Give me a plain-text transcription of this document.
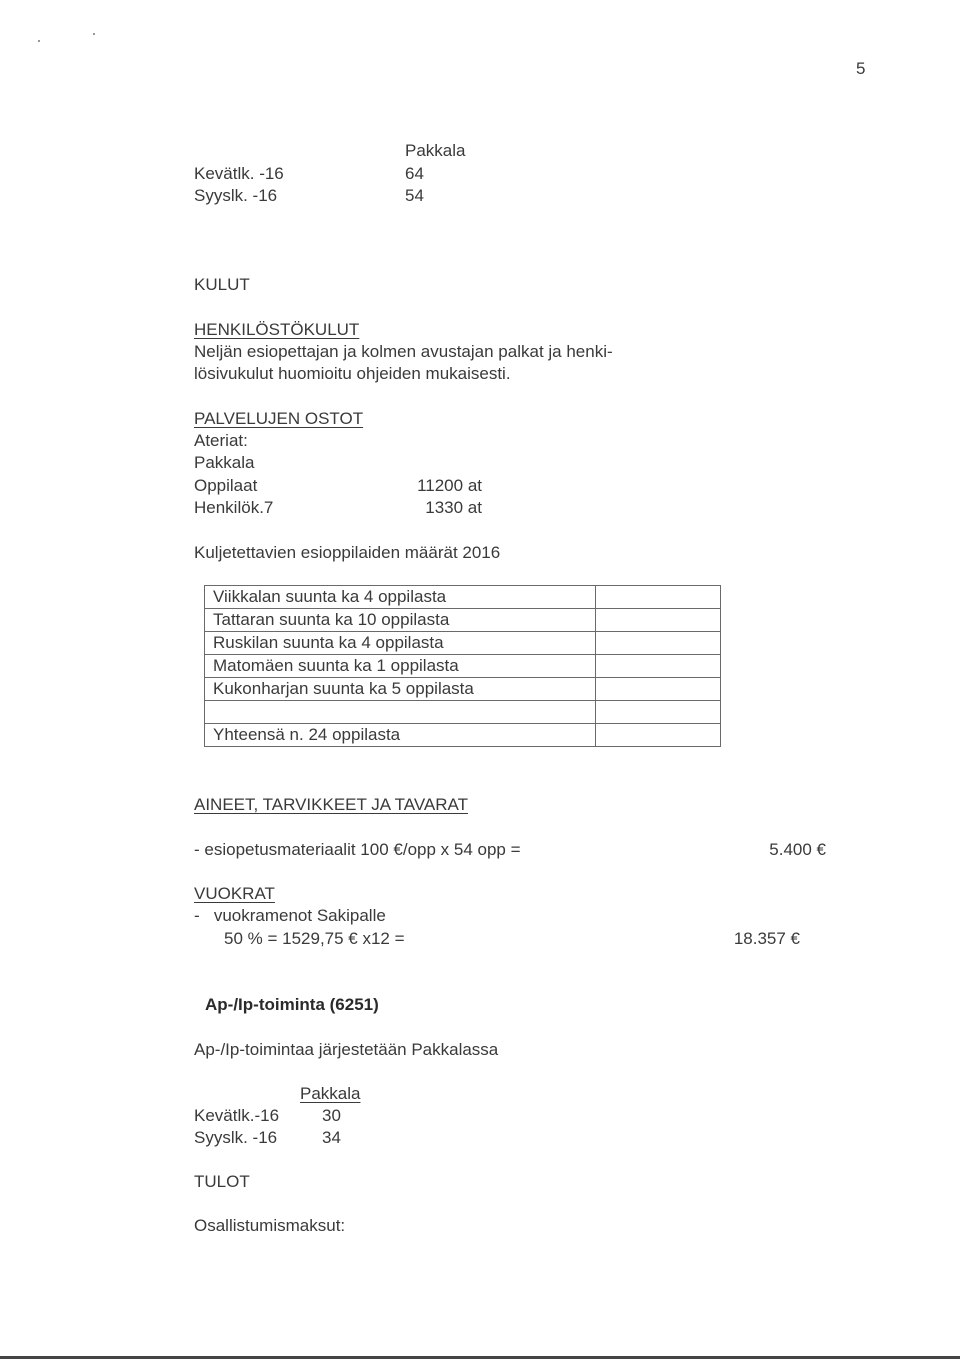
5
Pakkala
Kevätlk. -16	64
Syyslk. -16	54
KULUT
HENKILÖSTÖKULUT
Neljän esiopettajan ja kolmen avustajan palkat ja henki-
lösivukulut huomioitu ohjeiden mukaisesti.
PALVELUJEN OSTOT
Ateriat:
Pakkala
Oppilaat	11200 at
Henkilök.7	1330 at
Kuljetettavien esioppilaiden määrät 2016
Viikkalan suunta ka 4 oppilasta	
Tattaran suunta ka 10 oppilasta	
Ruskilan suunta ka 4 oppilasta	
Matomäen suunta ka 1 oppilasta	
Kukonharjan suunta ka 5 oppilasta	

Yhteensä n. 24 oppilasta	
AINEET, TARVIKKEET JA TAVARAT
- esiopetusmateriaalit 100 €/opp x 54 opp =	5.400 €
VUOKRAT
-   vuokramenot Sakipalle
50 % = 1529,75 € x12 =	18.357 €
Ap-/Ip-toiminta (6251)
Ap-/Ip-toimintaa järjestetään Pakkalassa
Pakkala
Kevätlk.-16	30
Syyslk. -16	34
TULOT
Osallistumismaksut:
